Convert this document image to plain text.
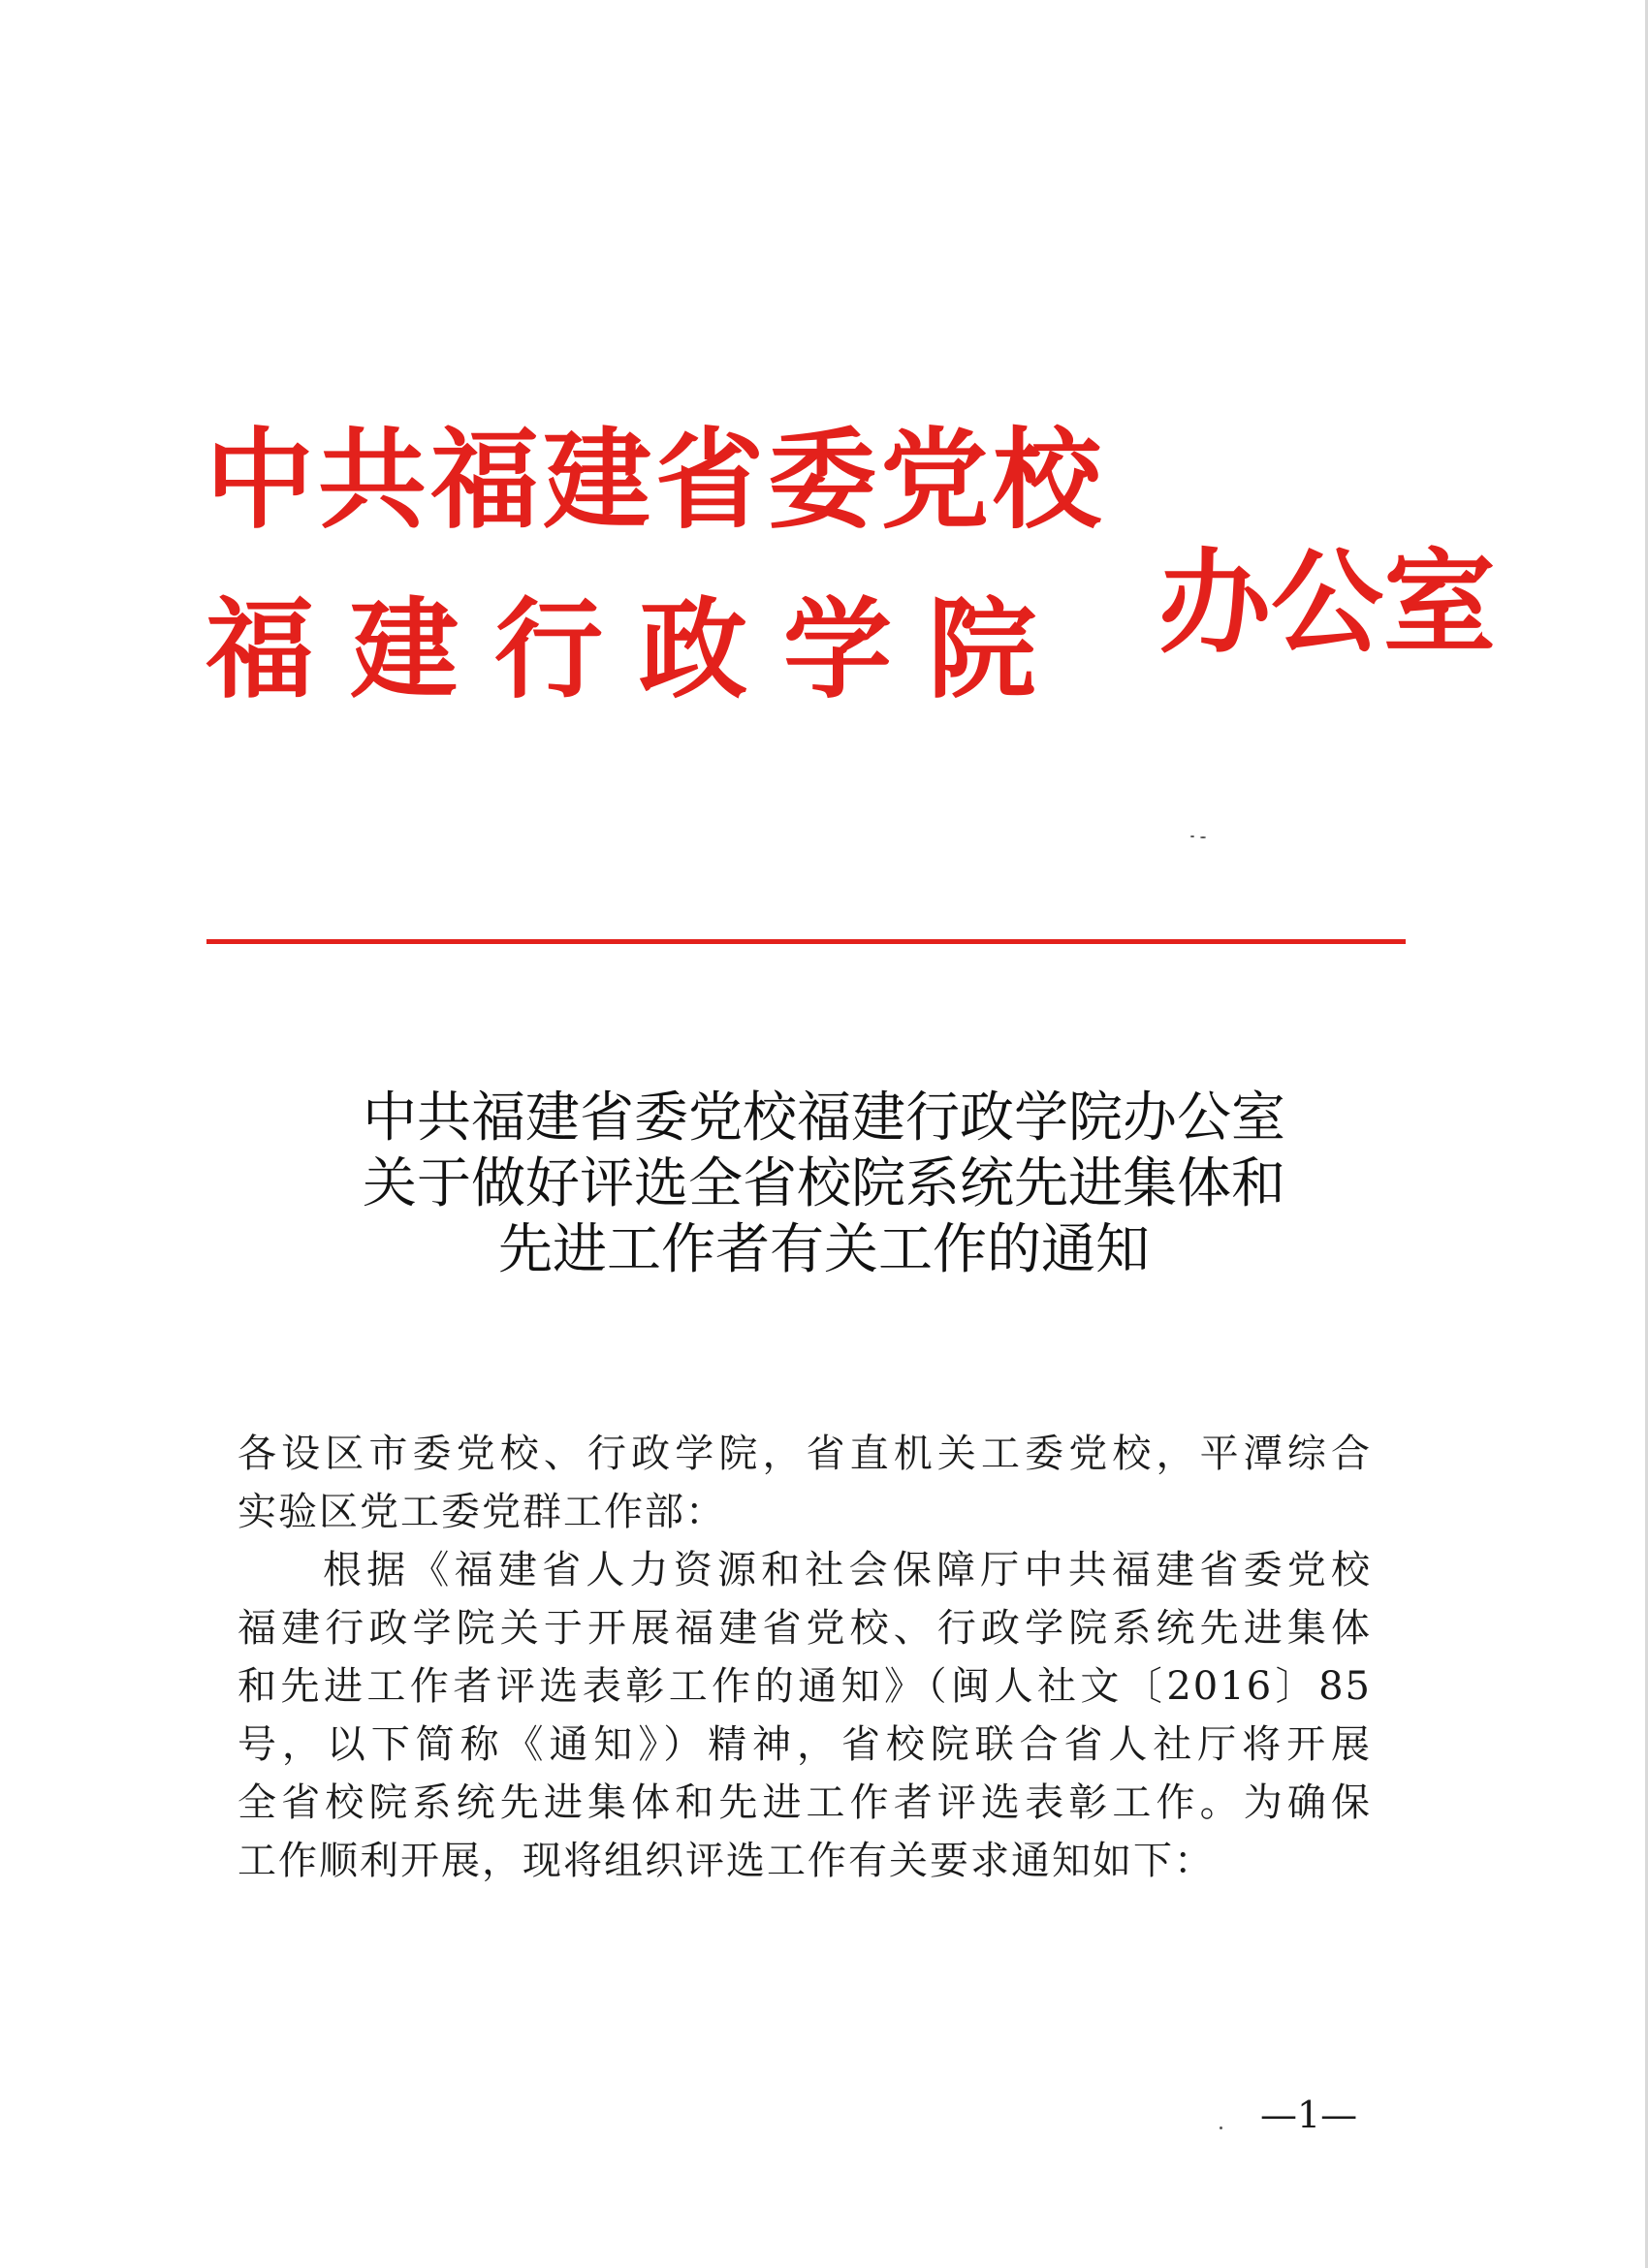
中共福建省委党校
福建行政学院 办公室
中共福建省委党校福建行政学院办公室
关于做好评选全省校院系统先进集体和
先进工作者有关工作的通知
各设区市委党校、行政学院，省直机关工委党校，平潭综合
实验区党工委党群工作部：
根据《福建省人力资源和社会保障厅中共福建省委党校
福建行政学院关于开展福建省党校、行政学院系统先进集体
和先进工作者评选表彰工作的通知》（闽人社文〔2016〕85
号，以下简称《通知》）精神，省校院联合省人社厅将开展
全省校院系统先进集体和先进工作者评选表彰工作。为确保
工作顺利开展，现将组织评选工作有关要求通知如下：
—1—
